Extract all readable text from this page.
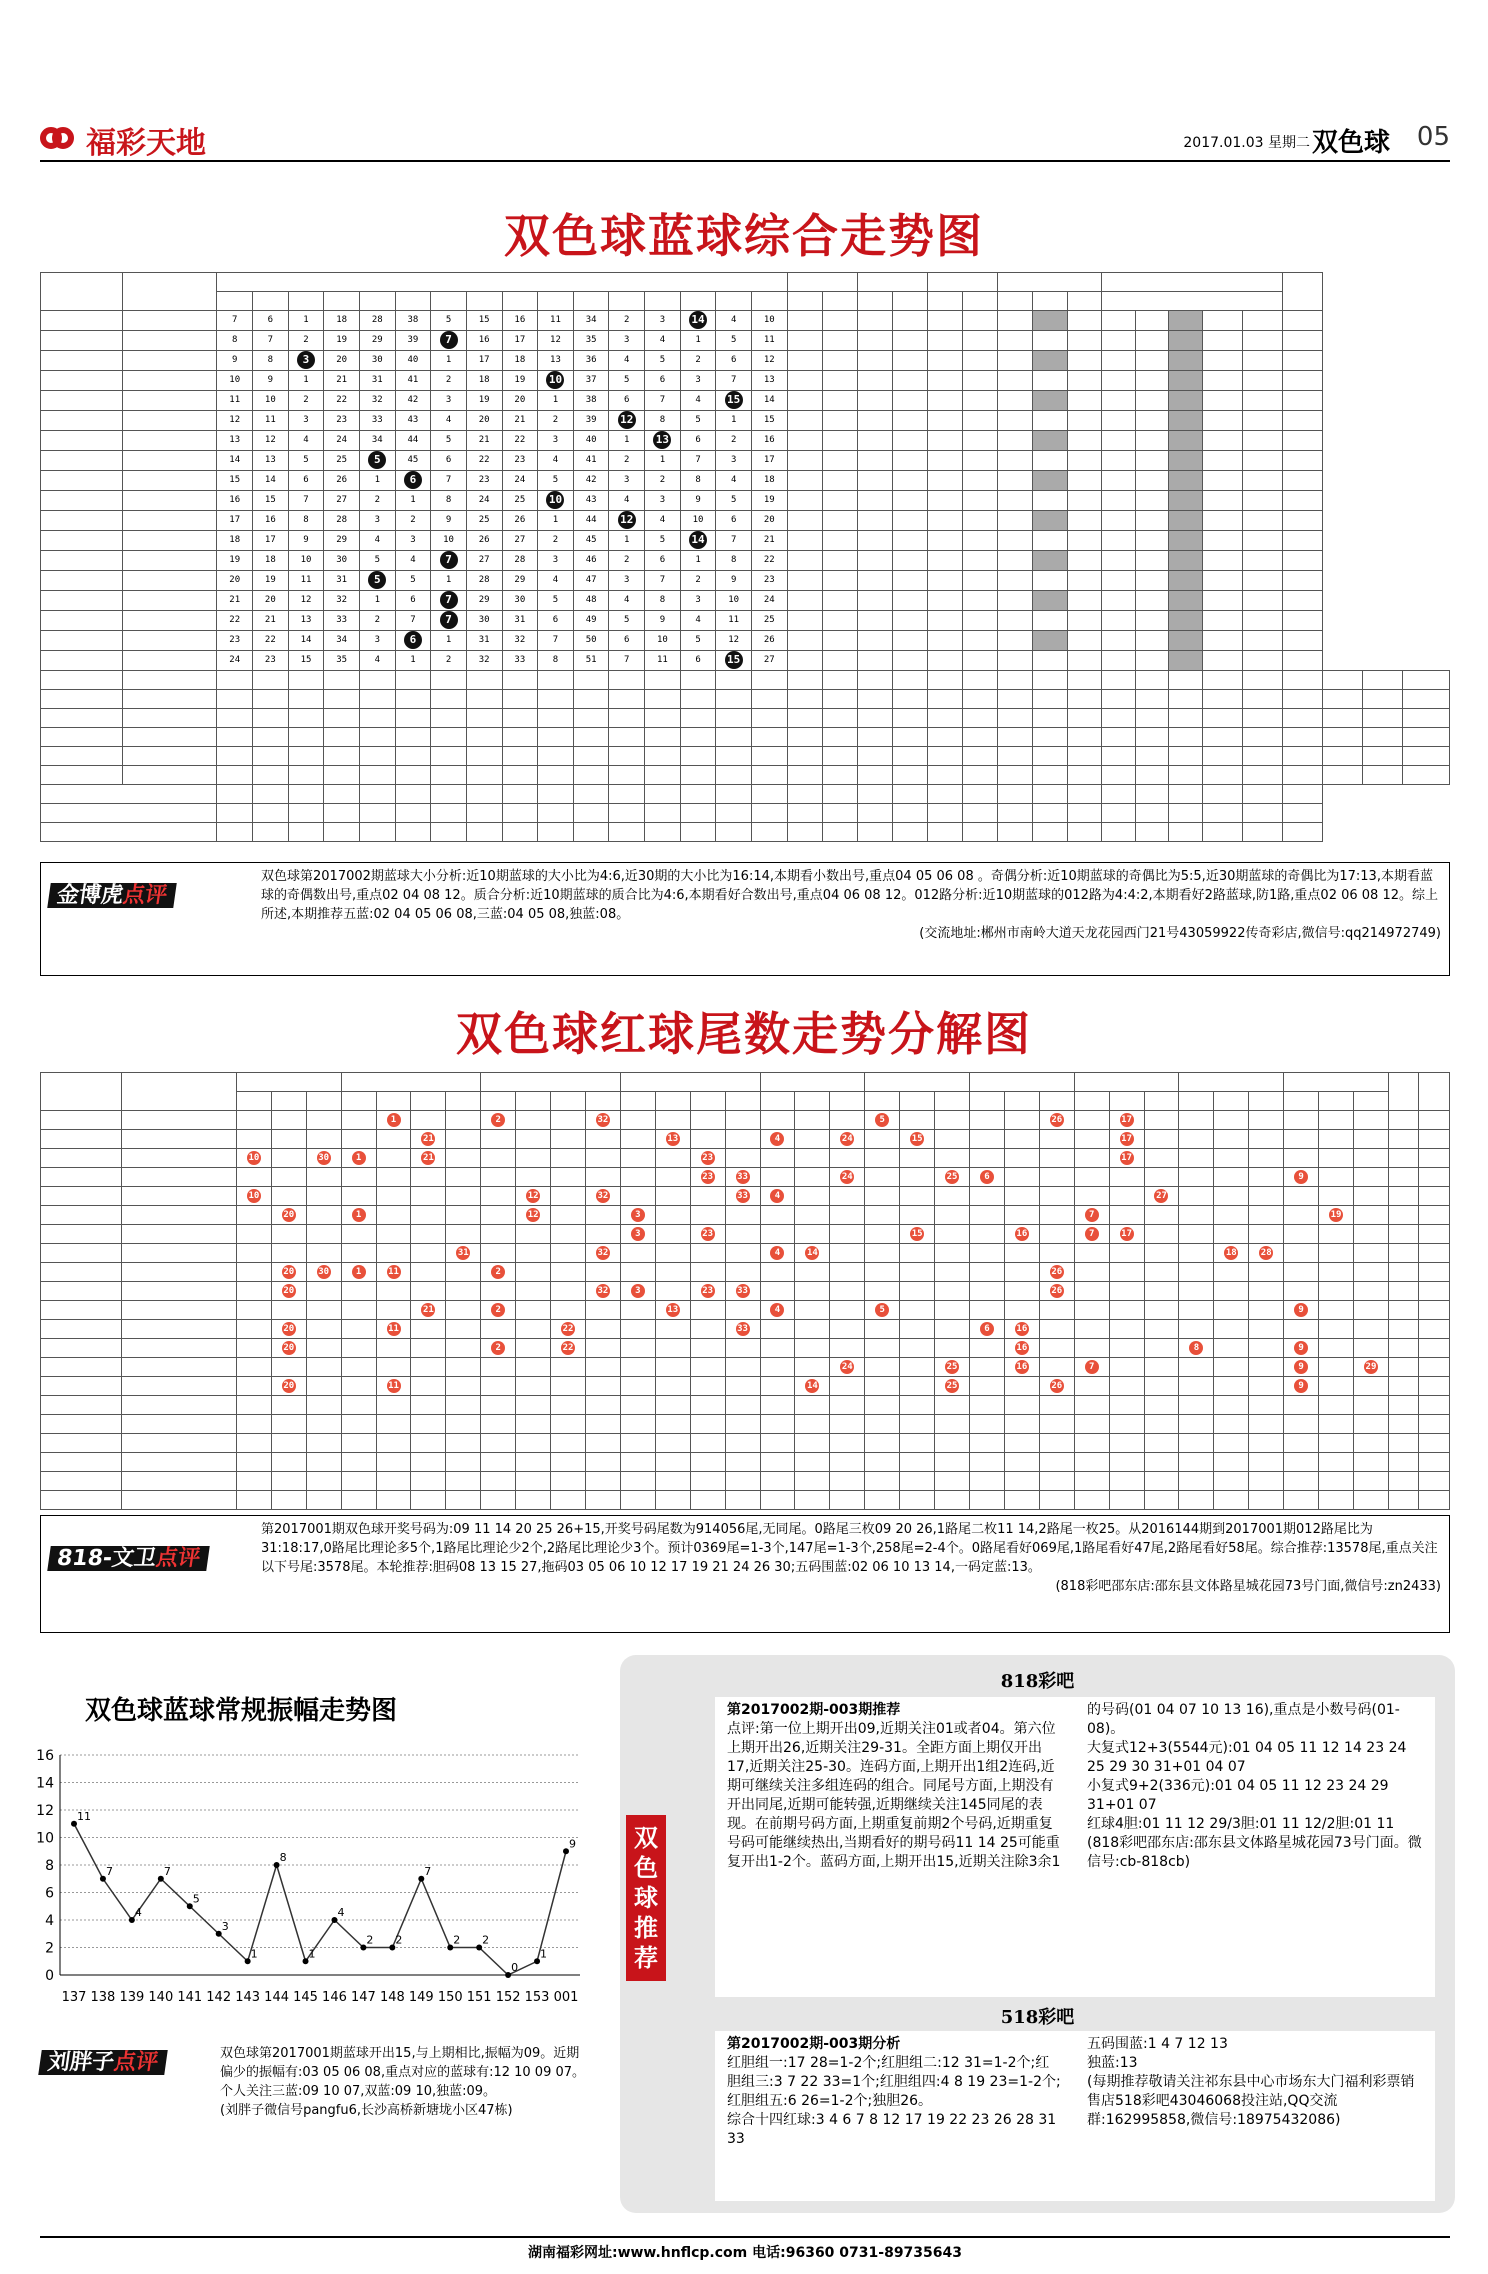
福彩天地	2017.01.03 星期二 双色球 05
双色球蓝球综合走势图

		7	6	1	18	28	38	5	15	16	11	34	2	3	14	4	10																		
		8	7	2	19	29	39	7	16	17	12	35	3	4	1	5	11																		
		9	8	3	20	30	40	1	17	18	13	36	4	5	2	6	12																		
		10	9	1	21	31	41	2	18	19	10	37	5	6	3	7	13																		
		11	10	2	22	32	42	3	19	20	1	38	6	7	4	15	14																		
		12	11	3	23	33	43	4	20	21	2	39	12	8	5	1	15																		
		13	12	4	24	34	44	5	21	22	3	40	1	13	6	2	16																		
		14	13	5	25	5	45	6	22	23	4	41	2	1	7	3	17																		
		15	14	6	26	1	6	7	23	24	5	42	3	2	8	4	18																		
		16	15	7	27	2	1	8	24	25	10	43	4	3	9	5	19																		
		17	16	8	28	3	2	9	25	26	1	44	12	4	10	6	20																		
		18	17	9	29	4	3	10	26	27	2	45	1	5	14	7	21																		
		19	18	10	30	5	4	7	27	28	3	46	2	6	1	8	22																		
		20	19	11	31	5	5	1	28	29	4	47	3	7	2	9	23																		
		21	20	12	32	1	6	7	29	30	5	48	4	8	3	10	24																		
		22	21	13	33	2	7	7	30	31	6	49	5	9	4	11	25																		
		23	22	14	34	3	6	1	31	32	7	50	6	10	5	12	26																		
		24	23	15	35	4	1	2	32	33	8	51	7	11	6	15	27																		

金博虎点评
双色球第2017002期蓝球大小分析:近10期蓝球的大小比为4:6,近30期的大小比为16:14,本期看小数出号,重点04 05 06 08 。奇偶分析:近10期蓝球的奇偶比为5:5,近30期蓝球的奇偶比为17:13,本期看蓝球的奇偶数出号,重点02 04 08 12。质合分析:近10期蓝球的质合比为4:6,本期看好合数出号,重点04 06 08 12。012路分析:近10期蓝球的012路为4:4:2,本期看好2路蓝球,防1路,重点02 06 08 12。综上所述,本期推荐五蓝:02 04 05 06 08,三蓝:04 05 08,独蓝:08。
(交流地址:郴州市南岭大道天龙花园西门21号43059922传奇彩店,微信号:qq214972749)
双色球红球尾数走势分解图

						1			2			32								5					26		17									
							21							13			4		24		15						17									
		10		30	1		21								23												17									
															23	33			24			25	6									9				
		10								12		32				33	4											27								
			20		1					12			3													7							19			
													3		23						15			16		7	17									
								31				32					4	14												18	28					
			20	30	1	11			2																26											
			20									32	3		23	33									26											
							21		2					13			4			5												9				
			20			11					22					33							6	16												
			20						2		22													16					8			9				
																			24			25		16		7						9		29		
			20			11												14				25			26							9				

818-文卫点评
第2017001期双色球开奖号码为:09 11 14 20 25 26+15,开奖号码尾数为914056尾,无同尾。0路尾三枚09 20 26,1路尾二枚11 14,2路尾一枚25。从2016144期到2017001期012路尾比为31:18:17,0路尾比理论多5个,1路尾比理论少2个,2路尾比理论少3个。预计0369尾=1-3个,147尾=1-3个,258尾=2-4个。0路尾看好069尾,1路尾看好47尾,2路尾看好58尾。综合推荐:13578尾,重点关注以下号尾:3578尾。本轮推荐:胆码08 13 15 27,拖码03 05 06 10 12 17 19 21 24 26 30;五码围蓝:02 06 10 13 14,一码定蓝:13。
(818彩吧邵东店:邵东县文体路星城花园73号门面,微信号:zn2433)
双色球蓝球常规振幅走势图
16
14
12
10
8
6
4
2
0
11
137
7
138
4
139
7
140
5
141
3
142
1
143
8
144
1
145
4
146
2
147
2
148
7
149
2
150
2
151
0
152
1
153
9
001
刘胖子点评	双色球第2017001期蓝球开出15,与上期相比,振幅为09。近期偏少的振幅有:03 05 06 08,重点对应的蓝球有:12 10 09 07。个人关注三蓝:09 10 07,双蓝:09 10,独蓝:09。
(刘胖子微信号pangfu6,长沙高桥新塘垅小区47栋)
818彩吧
双色球推荐
第2017002期-003期推荐
点评:第一位上期开出09,近期关注01或者04。第六位上期开出26,近期关注29-31。全距方面上期仅开出17,近期关注25-30。连码方面,上期开出1组2连码,近期可继续关注多组连码的组合。同尾号方面,上期没有开出同尾,近期可能转强,近期继续关注145同尾的表现。在前期号码方面,上期重复前期2个号码,近期重复号码可能继续热出,当期看好的期号码11 14 25可能重复开出1-2个。蓝码方面,上期开出15,近期关注除3余1的号码(01 04 07 10 13 16),重点是小数号码(01-08)。
大复式12+3(5544元):01 04 05 11 12 14 23 24 25 29 30 31+01 04 07
小复式9+2(336元):01 04 05 11 12 23 24 29 31+01 07
红球4胆:01 11 12 29/3胆:01 11 12/2胆:01 11
(818彩吧邵东店:邵东县文体路星城花园73号门面。微信号:cb-818cb)
518彩吧
第2017002期-003期分析
红胆组一:17 28=1-2个;红胆组二:12 31=1-2个;红胆组三:3 7 22 33=1个;红胆组四:4 8 19 23=1-2个;红胆组五:6 26=1-2个;独胆26。
综合十四红球:3 4 6 7 8 12 17 19 22 23 26 28 31 33
五码围蓝:1 4 7 12 13
独蓝:13
(每期推荐敬请关注祁东县中心市场东大门福利彩票销售店518彩吧43046068投注站,QQ交流群:162995858,微信号:18975432086)
湖南福彩网址:www.hnflcp.com 电话:96360 0731-89735643
